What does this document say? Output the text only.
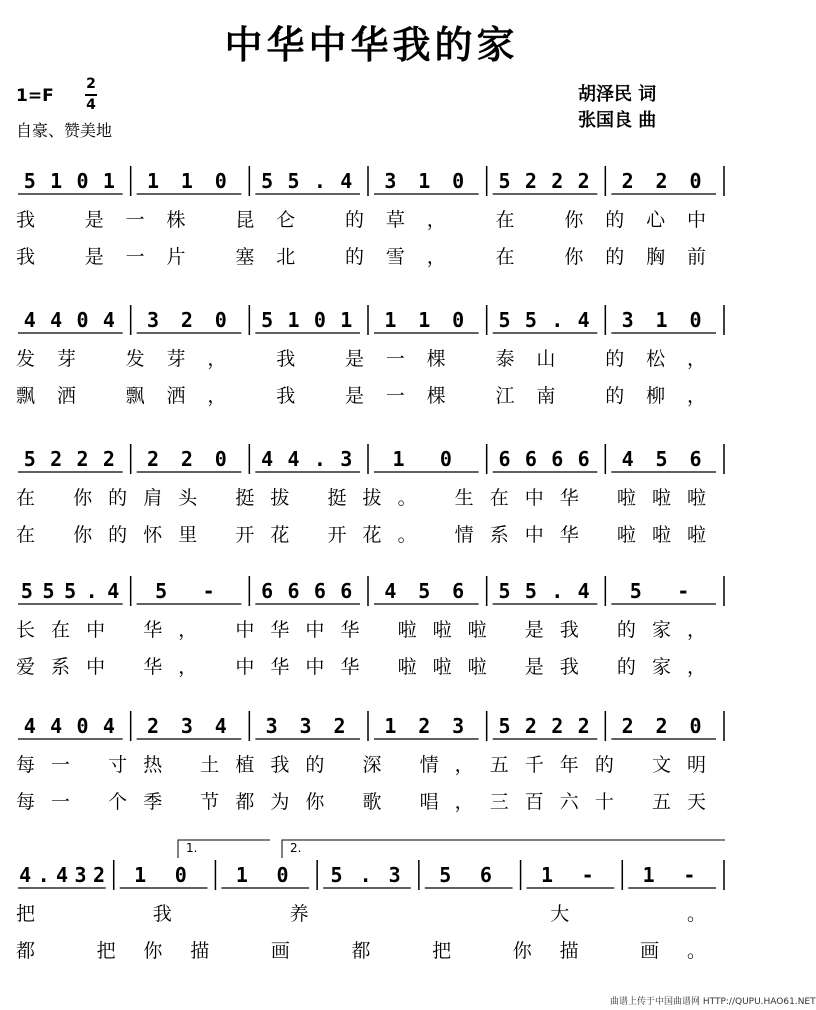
中华中华我的家
1=F
2
4
自豪、赞美地
胡泽民 词
张国良 曲
5 1 0 1 1 1 0 5 5 . 4 3 1 0 5 2 2 2 2 2 0
我 是一株 昆仑 的草， 在 你的心中
我 是一片 塞北 的雪， 在 你的胸前
4 4 0 4 3 2 0 5 1 0 1 1 1 0 5 5 . 4 3 1 0
发芽 发芽， 我 是一棵 泰山 的松，
飘洒 飘洒， 我 是一棵 江南 的柳，
5 2 2 2 2 2 0 4 4 . 3 1 0 6 6 6 6 4 5 6
在 你的肩头 挺拔 挺拔。 生在中华 啦啦啦
在 你的怀里 开花 开花。 情系中华 啦啦啦
5 5 5 . 4 5 - 6 6 6 6 4 5 6 5 5 . 4 5 -
长在中 华， 中华中华 啦啦啦 是我 的家，
爱系中 华， 中华中华 啦啦啦 是我 的家，
4 4 0 4 2 3 4 3 3 2 1 2 3 5 2 2 2 2 2 0
每一 寸热 土植我的 深 情，五千年的 文明
每一 个季 节都为你 歌 唱，三百六十 五天
4 . 4 3 2 1 0 1 0 5 . 3 5 6 1 - 1 -
把我养 大。
都 把你描 画 都 把 你描 画。
1.	2.
曲谱上传于中国曲谱网 HTTP://QUPU.HAO61.NET
